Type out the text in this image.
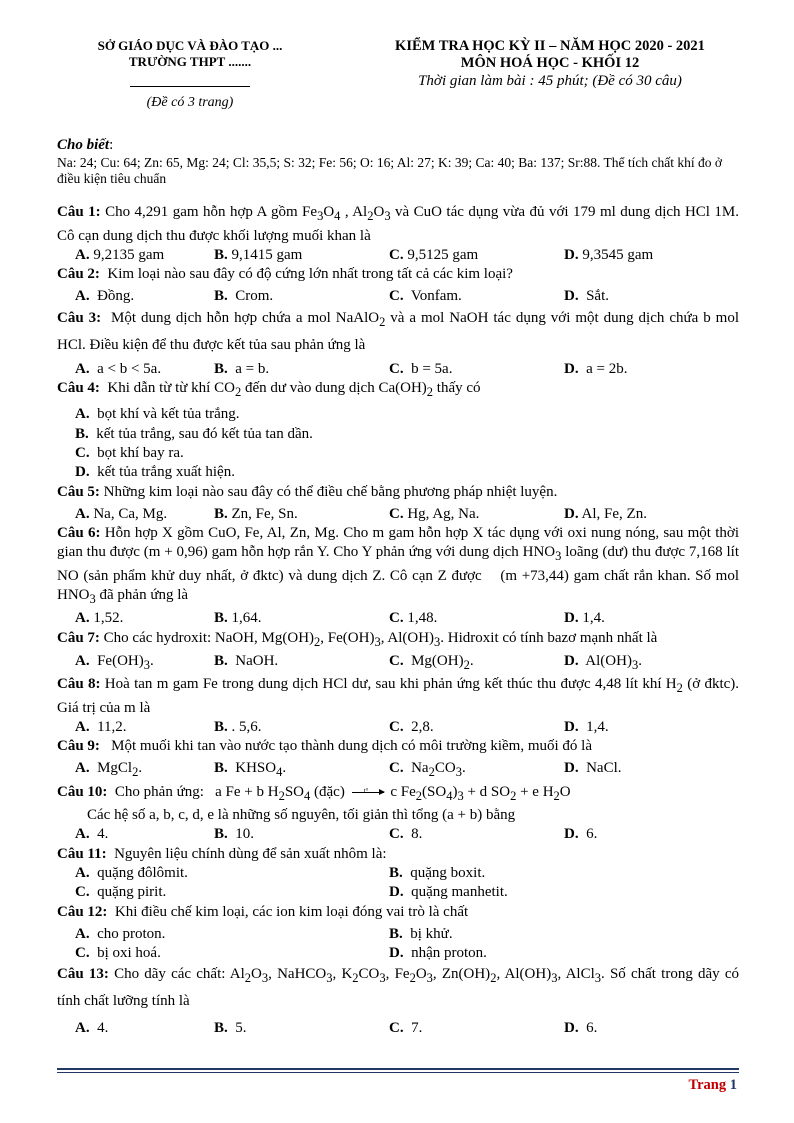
SỞ GIÁO DỤC VÀ ĐÀO TẠO ...
TRƯỜNG THPT .......
(Đề có 3 trang)
KIỂM TRA HỌC KỲ II – NĂM HỌC 2020 - 2021
MÔN HOÁ HỌC - KHỐI 12
Thời gian làm bài : 45 phút; (Đề có 30 câu)
Cho biết:
Na: 24; Cu: 64; Zn: 65, Mg: 24; Cl: 35,5; S: 32; Fe: 56; O: 16; Al: 27; K: 39; Ca: 40; Ba: 137; Sr:88. Thể tích chất khí đo ở điều kiện tiêu chuẩn

Câu 1: Cho 4,291 gam hỗn hợp A gồm $Fe_3O_4$ , $Al_2O_3$ và CuO tác dụng vừa đủ với 179 ml dung dịch HCl 1M. Cô cạn dung dịch thu được khối lượng muối khan là

A. 9,2135 gam	B. 9,1415 gam	C. 9,5125 gam	D. 9,3545 gam

Câu 2: Kim loại nào sau đây có độ cứng lớn nhất trong tất cả các kim loại?

A. Đồng.	B. Crom.	C. Vonfam.	D. Sắt.

Câu 3:  Một dung dịch hỗn hợp chứa a mol NaAlO$_2$ và a mol NaOH tác dụng với một dung dịch chứa b mol HCl. Điều kiện để thu được kết tủa sau phản ứng là

A. a < b < 5a.	B. a = b.	C. b = 5a.	D. a = 2b.

Câu 4:  Khi dẫn từ từ khí $CO_2$ đến dư vào dung dịch $Ca(OH)_2$ thấy có

A. bọt khí và kết tủa trắng.
B. kết tủa trắng, sau đó kết tủa tan dần.
C. bọt khí bay ra.
D. kết tủa trắng xuất hiện.

Câu 5: Những kim loại nào sau đây có thể điều chế bằng phương pháp nhiệt luyện.

A. Na, Ca, Mg.	B. Zn, Fe, Sn.	C. Hg, Ag, Na.	D. Al, Fe, Zn.

Câu 6: Hỗn hợp X gồm CuO, Fe, Al, Zn, Mg. Cho m gam hỗn hợp X tác dụng với oxi nung nóng, sau một thời gian thu được (m + 0,96) gam hỗn hợp rắn Y. Cho Y phản ứng với dung dịch $HNO_3$ loãng (dư) thu được 7,168 lít NO (sản phẩm khử duy nhất, ở đktc) và dung dịch Z. Cô cạn Z được    (m +73,44) gam chất rắn khan. Số mol $HNO_3$ đã phản ứng là

A. 1,52.	B. 1,64.	C. 1,48.	D. 1,4.

Câu 7: Cho các hydroxit: NaOH, $Mg(OH)_2$, $Fe(OH)_3$, $Al(OH)_3$. Hidroxit có tính bazơ mạnh nhất là

A.  $Fe(OH)_3$.	B.  NaOH.	C.  $Mg(OH)_2$.	D. $Al(OH)_3$.

Câu 8: Hoà tan m gam Fe trong dung dịch HCl dư, sau khi phản ứng kết thúc thu được 4,48 lít khí $H_2$ (ở đktc). Giá trị của m là

A. 11,2.	B. . 5,6.	C. 2,8.	D. 1,4.

Câu 9: Một muối khi tan vào nước tạo thành dung dịch có môi trường kiềm, muối đó là

A.  MgCl$_2$.	B.  $KHSO_4$.	C.  $Na_2CO_3$.	D. NaCl.

Câu 10:  Cho phản ứng:   a Fe + b $H_2SO_4$ (đặc) t° c $Fe_2(SO_4)_3 + d$ $SO_2 + e$ $H_2O$

Các hệ số a, b, c, d, e là những số nguyên, tối giản thì tổng (a + b) bằng

A. 4.	B. 10.	C. 8.	D. 6.

Câu 11: Nguyên liệu chính dùng để sản xuất nhôm là:

A. quặng đôlômit.	B. quặng boxit.
C. quặng pirit.	D. quặng manhetit.

Câu 12: Khi điều chế kim loại, các ion kim loại đóng vai trò là chất

A. cho proton.	B. bị khử.
C. bị oxi hoá.	D. nhận proton.

Câu 13: Cho dãy các chất: $Al_2O_3$, NaHCO$_3$, $K_2CO_3$, $Fe_2O_3$, $Zn(OH)_2$, $Al(OH)_3$, AlCl$_3$. Số chất trong dãy có tính chất lưỡng tính là

A. 4.	B. 5.	C. 7.	D. 6.
Trang 1
